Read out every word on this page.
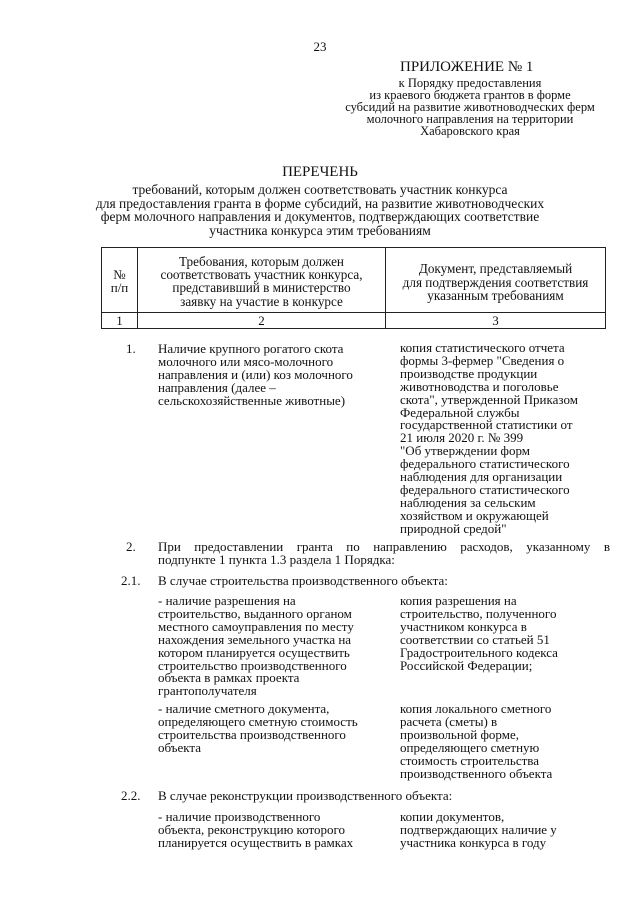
23
ПРИЛОЖЕНИЕ № 1
к Порядку предоставления
из краевого бюджета грантов в форме
субсидий на развитие животноводческих ферм
молочного направления на территории
Хабаровского края
ПЕРЕЧЕНЬ
требований, которым должен соответствовать участник конкурса
для предоставления гранта в форме субсидий, на развитие животноводческих
ферм молочного направления и документов, подтверждающих соответствие
участника конкурса этим требованиям
№
п/п
Требования, которым должен
соответствовать участник конкурса,
представивший в министерство
заявку на участие в конкурсе
Документ, представляемый
для подтверждения соответствия
указанным требованиям
1	2	3
1. Наличие крупного рогатого скота
молочного или мясо-молочного
направления и (или) коз молочного
направления (далее –
сельскохозяйственные животные)
копия статистического отчета
формы 3-фермер "Сведения о
производстве продукции
животноводства и поголовье
скота", утвержденной Приказом
Федеральной службы
государственной статистики от
21 июля 2020 г. № 399
"Об утверждении форм
федерального статистического
наблюдения для организации
федерального статистического
наблюдения за сельским
хозяйством и окружающей
природной средой"
2. При предоставлении гранта по направлению расходов, указанному в
подпункте 1 пункта 1.3 раздела 1 Порядка:
2.1. В случае строительства производственного объекта:
- наличие разрешения на
строительство, выданного органом
местного самоуправления по месту
нахождения земельного участка на
котором планируется осуществить
строительство производственного
объекта в рамках проекта
грантополучателя
копия разрешения на
строительство, полученного
участником конкурса в
соответствии со статьей 51
Градостроительного кодекса
Российской Федерации;
- наличие сметного документа,
определяющего сметную стоимость
строительства производственного
объекта
копия локального сметного
расчета (сметы) в
произвольной форме,
определяющего сметную
стоимость строительства
производственного объекта
2.2. В случае реконструкции производственного объекта:
- наличие производственного
объекта, реконструкцию которого
планируется осуществить в рамках
копии документов,
подтверждающих наличие у
участника конкурса в году
